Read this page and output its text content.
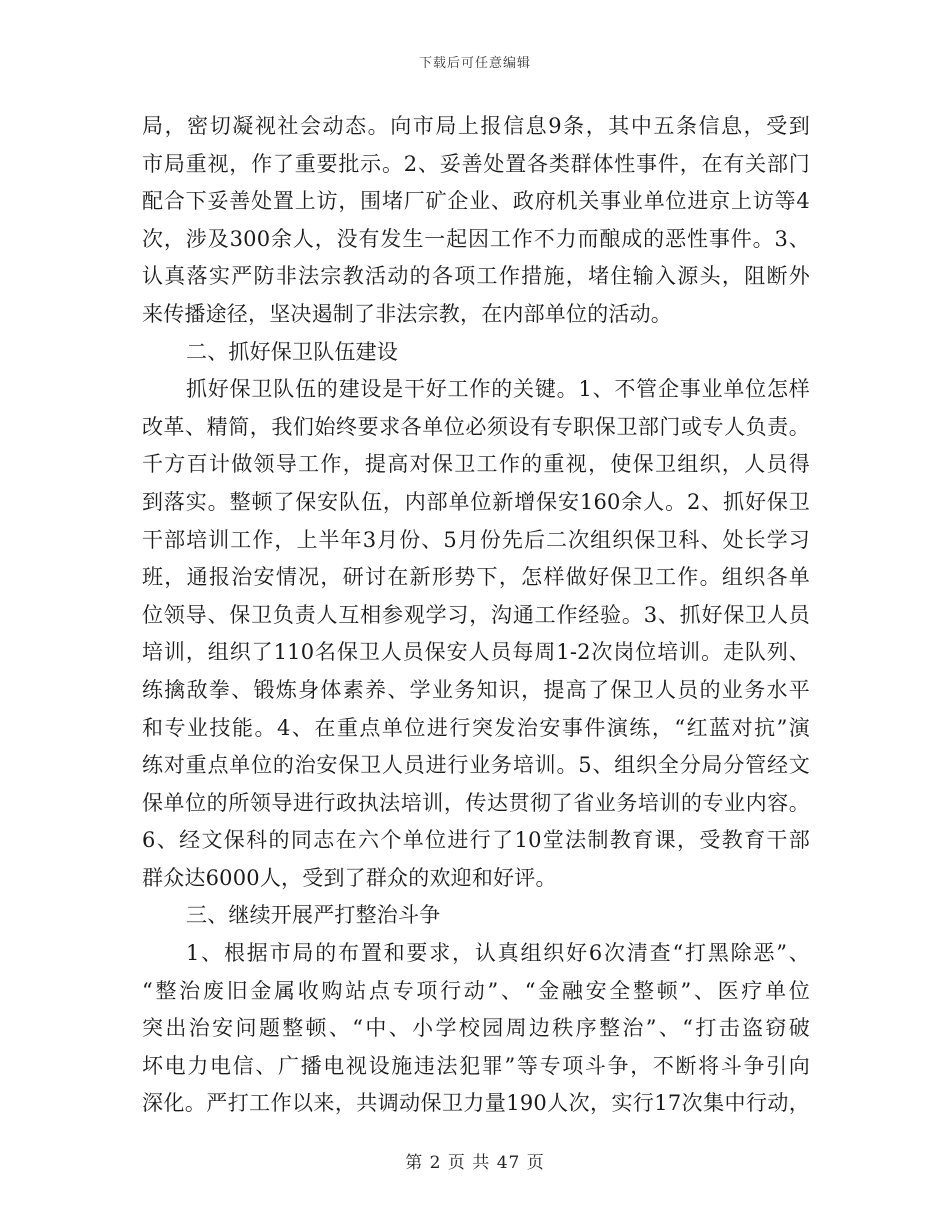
下载后可任意编辑
局，密切凝视社会动态。向市局上报信息9条，其中五条信息，受到
市局重视，作了重要批示。2、妥善处置各类群体性事件，在有关部门
配合下妥善处置上访，围堵厂矿企业、政府机关事业单位进京上访等4
次，涉及300余人，没有发生一起因工作不力而酿成的恶性事件。3、
认真落实严防非法宗教活动的各项工作措施，堵住输入源头，阻断外
来传播途径，坚决遏制了非法宗教，在内部单位的活动。
二、抓好保卫队伍建设
抓好保卫队伍的建设是干好工作的关键。1、不管企事业单位怎样
改革、精简，我们始终要求各单位必须设有专职保卫部门或专人负责。
千方百计做领导工作，提高对保卫工作的重视，使保卫组织，人员得
到落实。整顿了保安队伍，内部单位新增保安160余人。2、抓好保卫
干部培训工作，上半年3月份、5月份先后二次组织保卫科、处长学习
班，通报治安情况，研讨在新形势下，怎样做好保卫工作。组织各单
位领导、保卫负责人互相参观学习，沟通工作经验。3、抓好保卫人员
培训，组织了110名保卫人员保安人员每周1-2次岗位培训。走队列、
练擒敌拳、锻炼身体素养、学业务知识，提高了保卫人员的业务水平
和专业技能。4、在重点单位进行突发治安事件演练，“红蓝对抗”演
练对重点单位的治安保卫人员进行业务培训。5、组织全分局分管经文
保单位的所领导进行政执法培训，传达贯彻了省业务培训的专业内容。
6、经文保科的同志在六个单位进行了10堂法制教育课，受教育干部
群众达6000人，受到了群众的欢迎和好评。
三、继续开展严打整治斗争
1、根据市局的布置和要求，认真组织好6次清查“打黑除恶”、
“整治废旧金属收购站点专项行动”、“金融安全整顿”、医疗单位
突出治安问题整顿、“中、小学校园周边秩序整治”、“打击盗窃破
坏电力电信、广播电视设施违法犯罪”等专项斗争，不断将斗争引向
深化。严打工作以来，共调动保卫力量190人次，实行17次集中行动，
第 2 页 共 47 页
